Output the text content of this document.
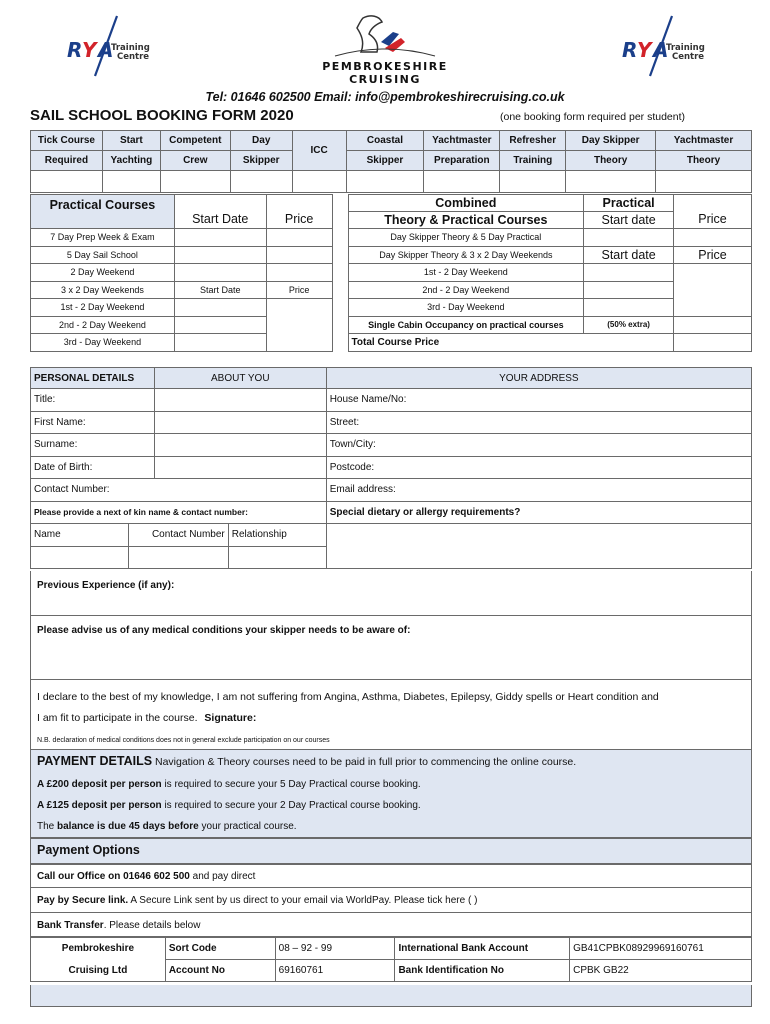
R Y A
Training
Centre
PEMBROKESHIRE CRUISING
R Y A
Training
Centre
Tel: 01646 602500 Email: info@pembrokeshirecruising.co.uk
SAIL SCHOOL BOOKING FORM 2020	(one booking form required per student)
Tick Course	Start	Competent	Day	ICC	Coastal	Yachtmaster	Refresher	Day Skipper	Yachtmaster
Required	Yachting	Crew	Skipper		Skipper	Preparation	Training	Theory	Theory

Practical Courses	Start Date	Price		Combined	Practical	Price
				Theory & Practical Courses	Start date	
7 Day Prep Week & Exam				Day Skipper Theory & 5 Day Practical		
5 Day Sail School				Day Skipper Theory & 3 x 2 Day Weekends	Start date	Price
2 Day Weekend				1st - 2 Day Weekend		
3 x 2 Day Weekends	Start Date	Price		2nd - 2 Day Weekend		
1st - 2 Day Weekend				3rd - Day Weekend		
2nd - 2 Day Weekend				Single Cabin Occupancy on practical courses	(50% extra)	
3rd - Day Weekend				Total Course Price		
PERSONAL DETAILS		ABOUT YOU		YOUR ADDRESS
Title:				House Name/No:
First Name:				Street:
Surname:				Town/City:
Date of Birth:				Postcode:
Contact Number:				Email address:
Please provide a next of kin name & contact number:				Special dietary or allergy requirements?
Name	Contact Number		Relationship	

Previous Experience (if any):
Please advise us of any medical conditions your skipper needs to be aware of:
I declare to the best of my knowledge, I am not suffering from Angina, Asthma, Diabetes, Epilepsy, Giddy spells or Heart condition and
I am fit to participate in the course. Signature:
N.B. declaration of medical conditions does not in general exclude participation on our courses
PAYMENT DETAILS Navigation & Theory courses need to be paid in full prior to commencing the online course.
A £200 deposit per person is required to secure your 5 Day Practical course booking.
A £125 deposit per person is required to secure your 2 Day Practical course booking.
The balance is due 45 days before your practical course.
Payment Options
Call our Office on 01646 602 500 and pay direct
Pay by Secure link. A Secure Link sent by us direct to your email via WorldPay. Please tick here ( )
Bank Transfer. Please details below
Pembrokeshire	Sort Code	08 – 92 - 99	International Bank Account	GB41CPBK08929969160761
Cruising Ltd	Account No	69160761	Bank Identification No	CPBK GB22
